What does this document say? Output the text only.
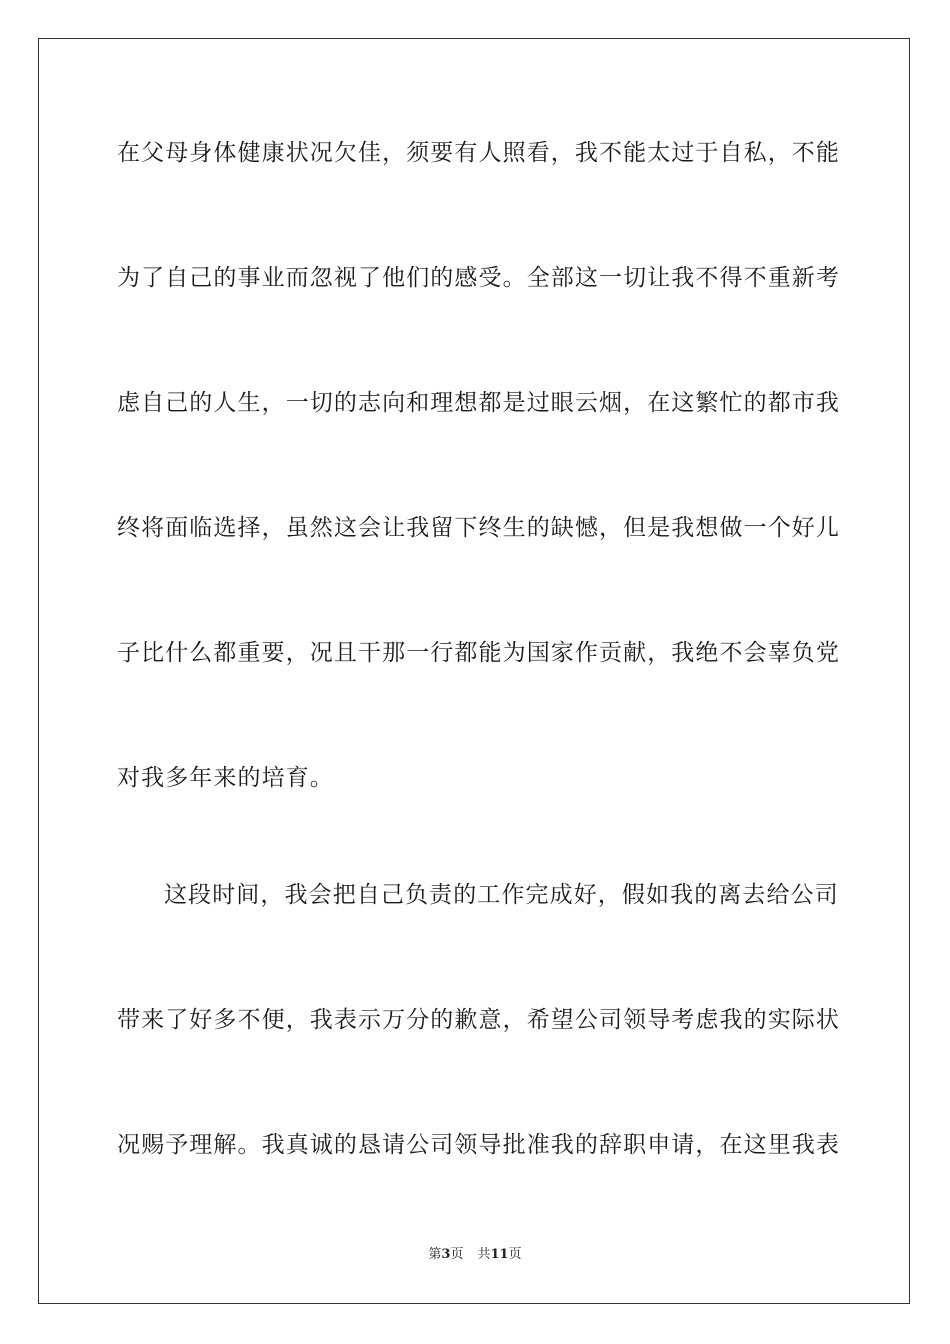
在父母身体健康状况欠佳，须要有人照看，我不能太过于自私，不能
为了自己的事业而忽视了他们的感受。全部这一切让我不得不重新考
虑自己的人生，一切的志向和理想都是过眼云烟，在这繁忙的都市我
终将面临选择，虽然这会让我留下终生的缺憾，但是我想做一个好儿
子比什么都重要，况且干那一行都能为国家作贡献，我绝不会辜负党
对我多年来的培育。
这段时间，我会把自己负责的工作完成好，假如我的离去给公司
带来了好多不便，我表示万分的歉意，希望公司领导考虑我的实际状
况赐予理解。我真诚的恳请公司领导批准我的辞职申请，在这里我表
第3页 共11页
